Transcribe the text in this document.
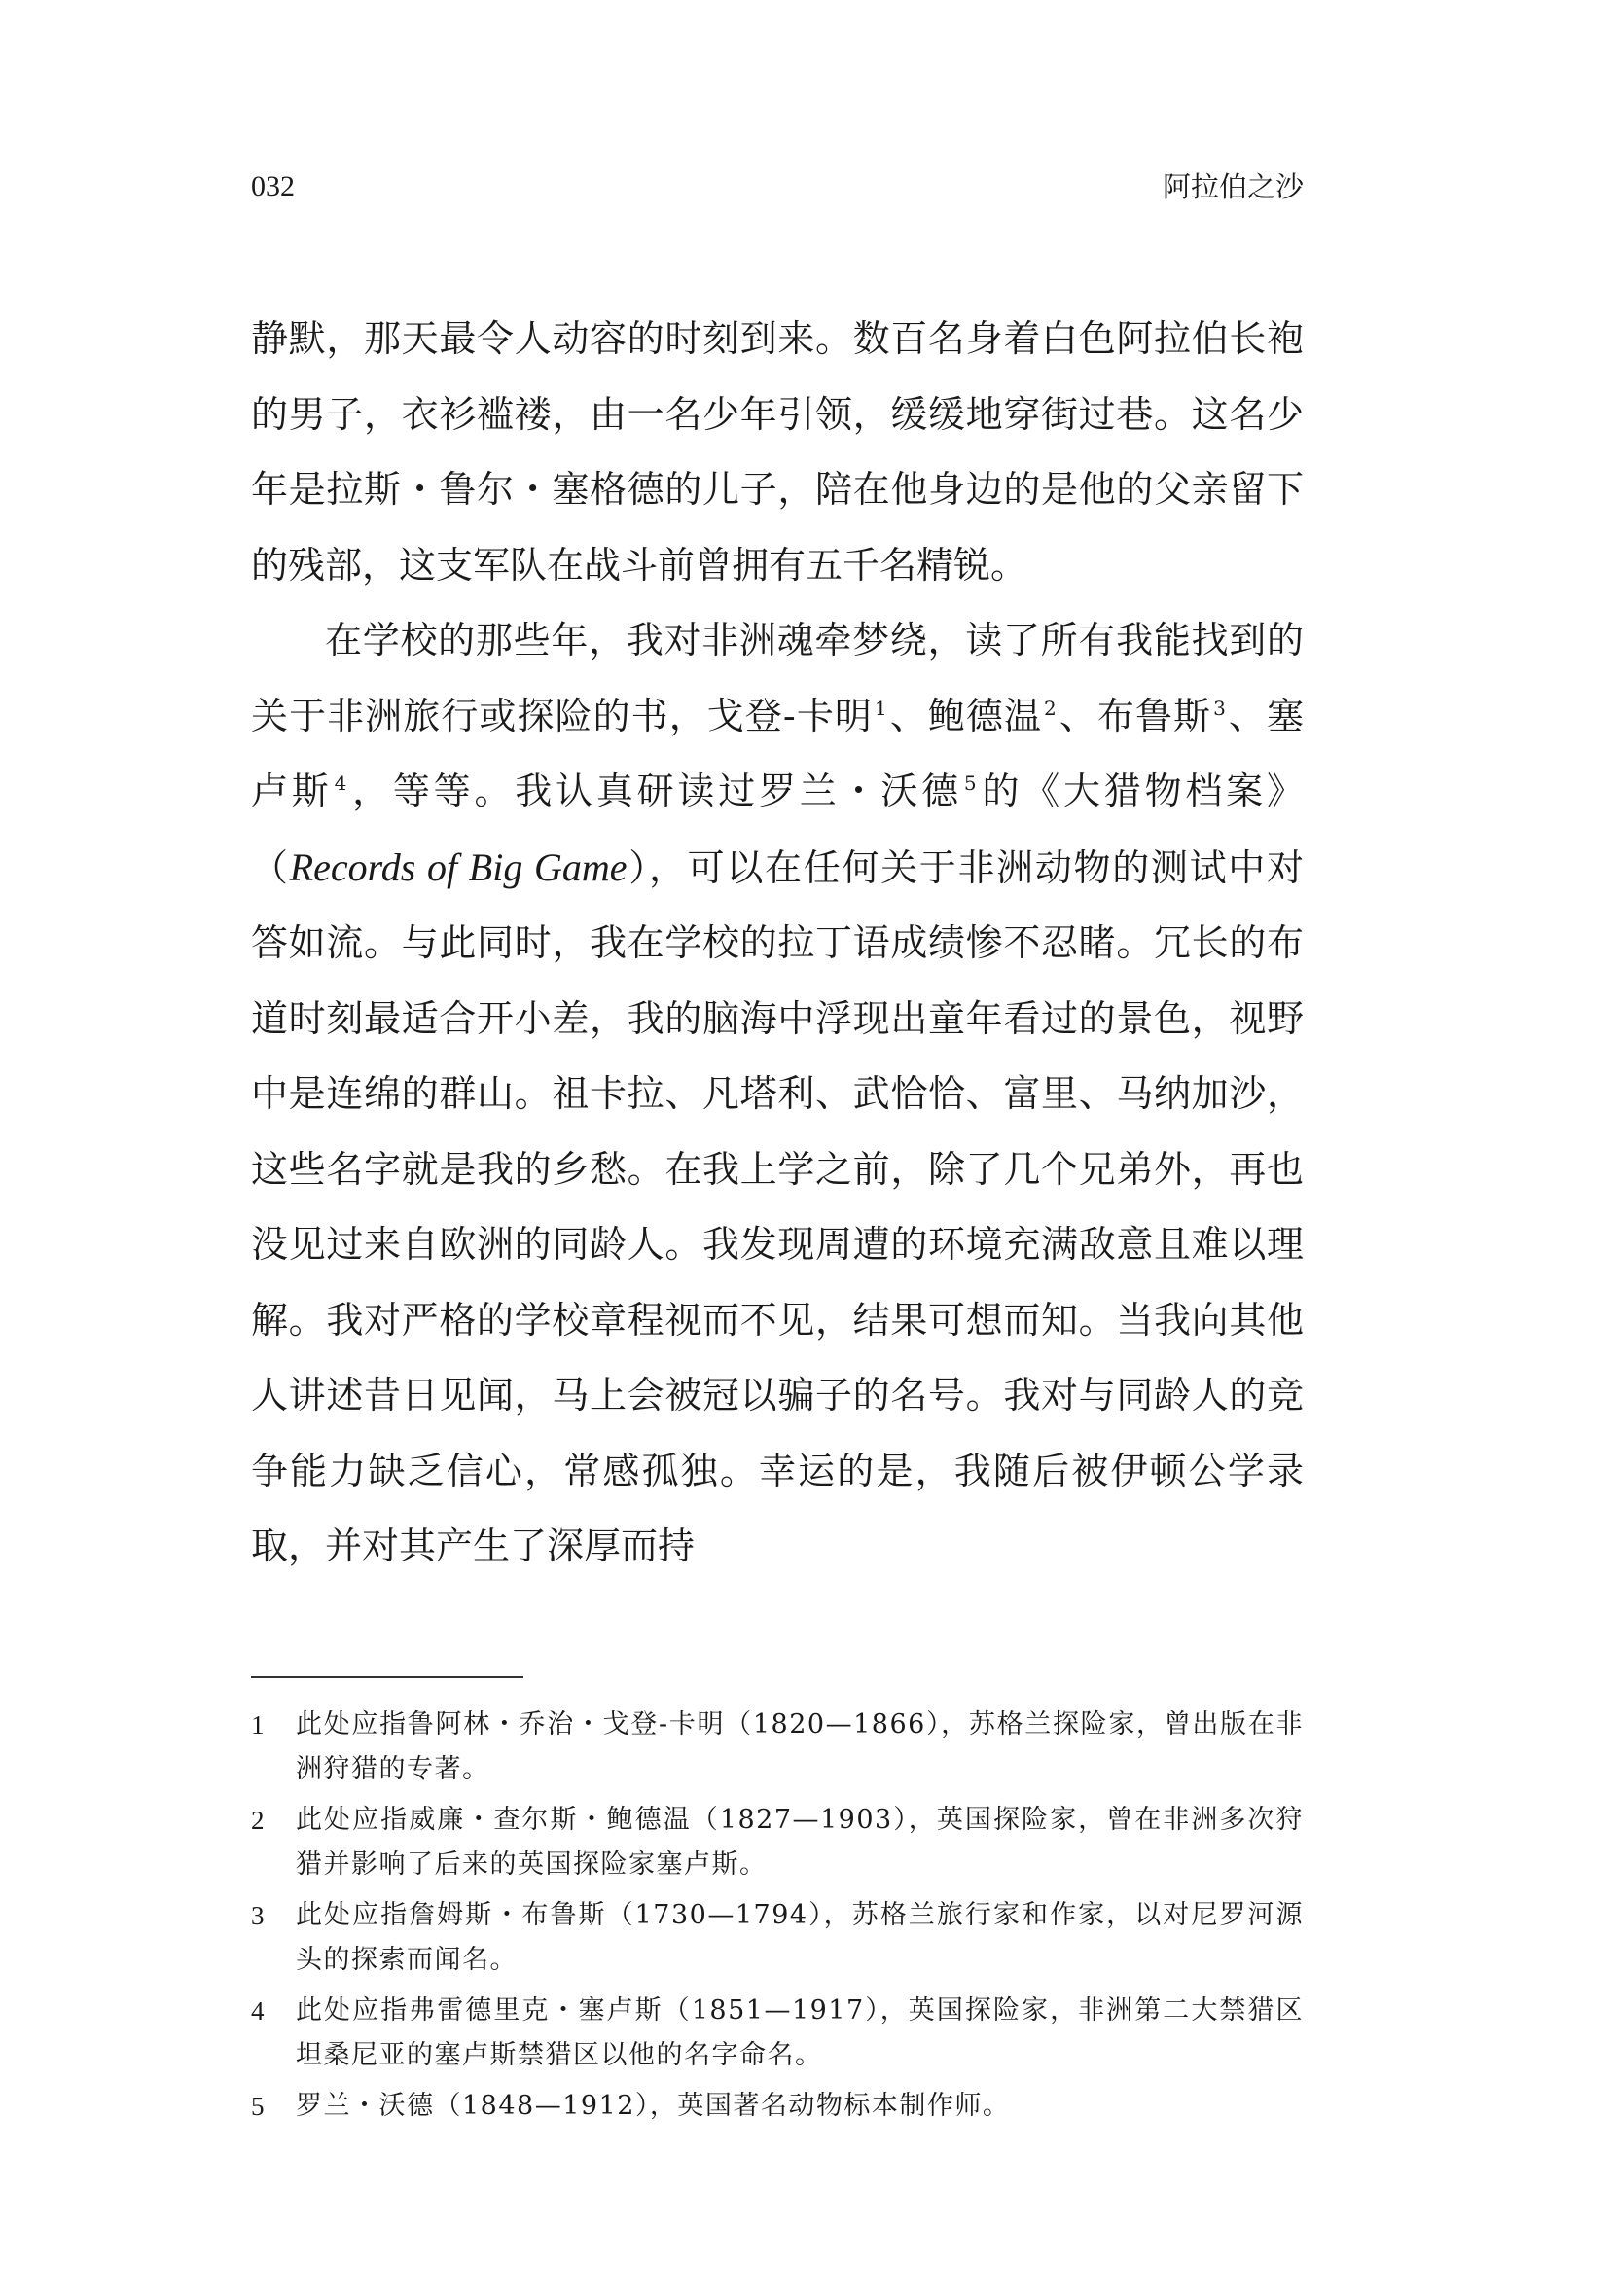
032	阿拉伯之沙

静默，那天最令人动容的时刻到来。数百名身着白色阿拉伯长袍的男子，衣衫褴褛，由一名少年引领，缓缓地穿街过巷。这名少年是拉斯・鲁尔・塞格德的儿子，陪在他身边的是他的父亲留下的残部，这支军队在战斗前曾拥有五千名精锐。

在学校的那些年，我对非洲魂牵梦绕，读了所有我能找到的关于非洲旅行或探险的书，戈登-卡明 $^1$、鲍德温 $^2$、布鲁斯 $^3$、塞卢斯 $^4$，等等。我认真研读过罗兰・沃德 $^5$的《大猎物档案》（Records of Big Game），可以在任何关于非洲动物的测试中对答如流。与此同时，我在学校的拉丁语成绩惨不忍睹。冗长的布道时刻最适合开小差，我的脑海中浮现出童年看过的景色，视野中是连绵的群山。祖卡拉、凡塔利、武恰恰、富里、马纳加沙，这些名字就是我的乡愁。在我上学之前，除了几个兄弟外，再也没见过来自欧洲的同龄人。我发现周遭的环境充满敌意且难以理解。我对严格的学校章程视而不见，结果可想而知。当我向其他人讲述昔日见闻，马上会被冠以骗子的名号。我对与同龄人的竞争能力缺乏信心，常感孤独。幸运的是，我随后被伊顿公学录取，并对其产生了深厚而持

1 此处应指鲁阿林・乔治・戈登-卡明（1820—1866），苏格兰探险家，曾出版在非洲狩猎的专著。
2 此处应指威廉・查尔斯・鲍德温（1827—1903），英国探险家，曾在非洲多次狩猎并影响了后来的英国探险家塞卢斯。
3 此处应指詹姆斯・布鲁斯（1730—1794），苏格兰旅行家和作家，以对尼罗河源头的探索而闻名。
4 此处应指弗雷德里克・塞卢斯（1851—1917），英国探险家，非洲第二大禁猎区坦桑尼亚的塞卢斯禁猎区以他的名字命名。
5 罗兰・沃德（1848—1912），英国著名动物标本制作师。
